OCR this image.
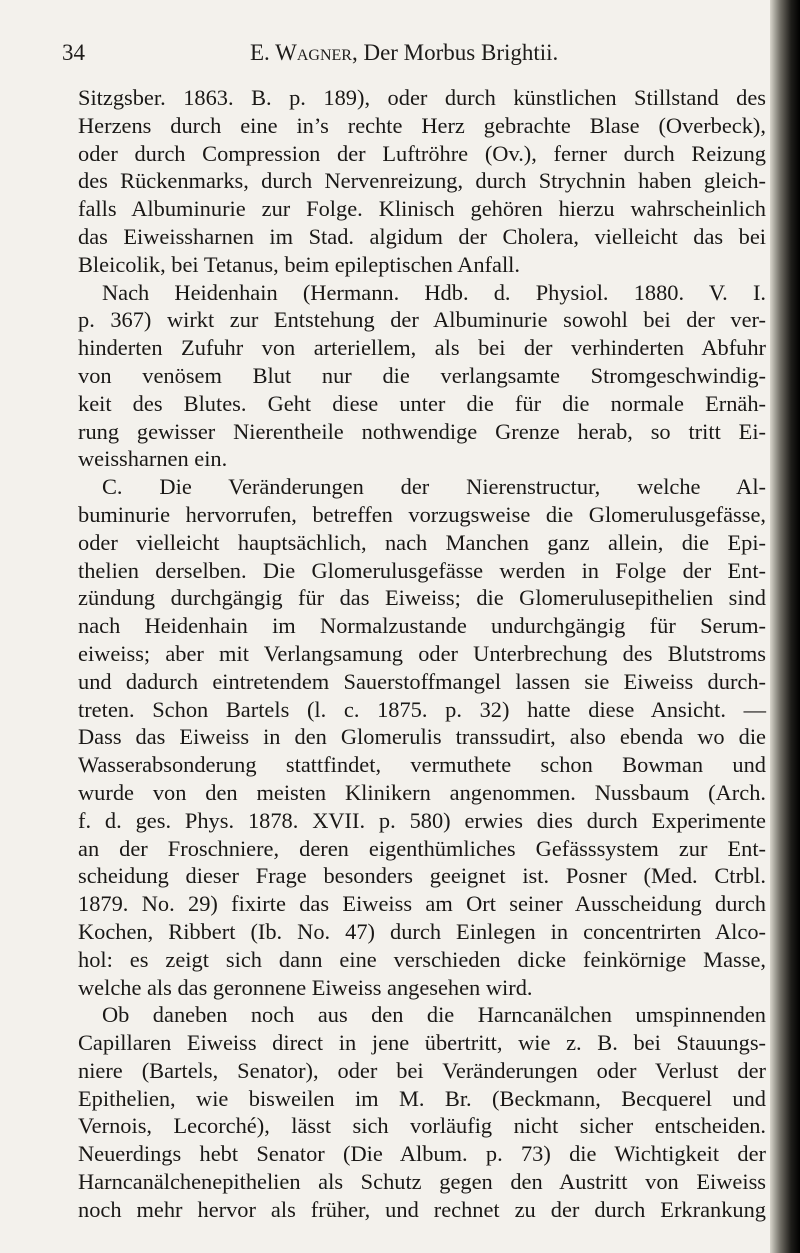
34	E. Wagner, Der Morbus Brightii.
Sitzgsber. 1863. B. p. 189), oder durch künstlichen Stillstand des
Herzens durch eine in’s rechte Herz gebrachte Blase (Overbeck),
oder durch Compression der Luftröhre (Ov.), ferner durch Reizung
des Rückenmarks, durch Nervenreizung, durch Strychnin haben gleich-
falls Albuminurie zur Folge. Klinisch gehören hierzu wahrscheinlich
das Eiweissharnen im Stad. algidum der Cholera, vielleicht das bei
Bleicolik, bei Tetanus, beim epileptischen Anfall.
Nach Heidenhain (Hermann. Hdb. d. Physiol. 1880. V. I.
p. 367) wirkt zur Entstehung der Albuminurie sowohl bei der ver-
hinderten Zufuhr von arteriellem, als bei der verhinderten Abfuhr
von venösem Blut nur die verlangsamte Stromgeschwindig-
keit des Blutes. Geht diese unter die für die normale Ernäh-
rung gewisser Nierentheile nothwendige Grenze herab, so tritt Ei-
weissharnen ein.
C. Die Veränderungen der Nierenstructur, welche Al-
buminurie hervorrufen, betreffen vorzugsweise die Glomerulusgefässe,
oder vielleicht hauptsächlich, nach Manchen ganz allein, die Epi-
thelien derselben. Die Glomerulusgefässe werden in Folge der Ent-
zündung durchgängig für das Eiweiss; die Glomerulusepithelien sind
nach Heidenhain im Normalzustande undurchgängig für Serum-
eiweiss; aber mit Verlangsamung oder Unterbrechung des Blutstroms
und dadurch eintretendem Sauerstoffmangel lassen sie Eiweiss durch-
treten. Schon Bartels (l. c. 1875. p. 32) hatte diese Ansicht. —
Dass das Eiweiss in den Glomerulis transsudirt, also ebenda wo die
Wasserabsonderung stattfindet, vermuthete schon Bowman und
wurde von den meisten Klinikern angenommen. Nussbaum (Arch.
f. d. ges. Phys. 1878. XVII. p. 580) erwies dies durch Experimente
an der Froschniere, deren eigenthümliches Gefässsystem zur Ent-
scheidung dieser Frage besonders geeignet ist. Posner (Med. Ctrbl.
1879. No. 29) fixirte das Eiweiss am Ort seiner Ausscheidung durch
Kochen, Ribbert (Ib. No. 47) durch Einlegen in concentrirten Alco-
hol: es zeigt sich dann eine verschieden dicke feinkörnige Masse,
welche als das geronnene Eiweiss angesehen wird.
Ob daneben noch aus den die Harncanälchen umspinnenden
Capillaren Eiweiss direct in jene übertritt, wie z. B. bei Stauungs-
niere (Bartels, Senator), oder bei Veränderungen oder Verlust der
Epithelien, wie bisweilen im M. Br. (Beckmann, Becquerel und
Vernois, Lecorché), lässt sich vorläufig nicht sicher entscheiden.
Neuerdings hebt Senator (Die Album. p. 73) die Wichtigkeit der
Harncanälchenepithelien als Schutz gegen den Austritt von Eiweiss
noch mehr hervor als früher, und rechnet zu der durch Erkrankung
